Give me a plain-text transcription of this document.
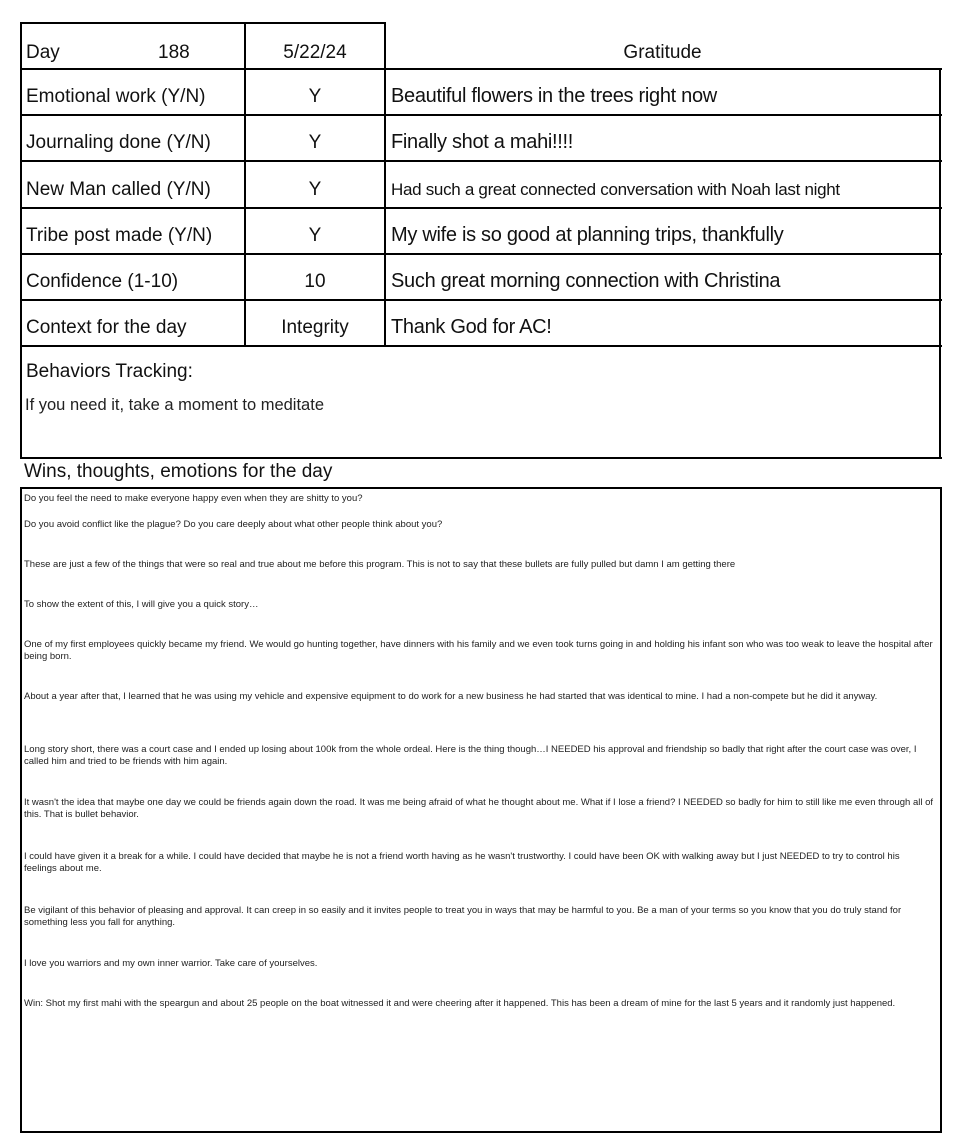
Day	188	5/22/24	Gratitude
Emotional work (Y/N)	Y	Beautiful flowers in the trees right now
Journaling done (Y/N)	Y	Finally shot a mahi!!!!
New Man called (Y/N)	Y	Had such a great connected conversation with Noah last night
Tribe post made (Y/N)	Y	My wife is so good at planning trips, thankfully
Confidence (1-10)	10	Such great morning connection with Christina
Context for the day	Integrity	Thank God for AC!
Behaviors Tracking:
If you need it, take a moment to meditate
Wins, thoughts, emotions for the day
Do you feel the need to make everyone happy even when they are shitty to you?
Do you avoid conflict like the plague? Do you care deeply about what other people think about you?
These are just a few of the things that were so real and true about me before this program. This is not to say that these bullets are fully pulled but damn I am getting there
To show the extent of this, I will give you a quick story…
One of my first employees quickly became my friend. We would go hunting together, have dinners with his family and we even took turns going in and holding his infant son who was too weak to leave the hospital after being born.
About a year after that, I learned that he was using my vehicle and expensive equipment to do work for a new business he had started that was identical to mine. I had a non-compete but he did it anyway.
Long story short, there was a court case and I ended up losing about 100k from the whole ordeal. Here is the thing though…I NEEDED his approval and friendship so badly that right after the court case was over, I called him and tried to be friends with him again.
It wasn't the idea that maybe one day we could be friends again down the road. It was me being afraid of what he thought about me. What if I lose a friend? I NEEDED so badly for him to still like me even through all of this. That is bullet behavior.
I could have given it a break for a while. I could have decided that maybe he is not a friend worth having as he wasn't trustworthy. I could have been OK with walking away but I just NEEDED to try to control his feelings about me.
Be vigilant of this behavior of pleasing and approval. It can creep in so easily and it invites people to treat you in ways that may be harmful to you. Be a man of your terms so you know that you do truly stand for something less you fall for anything.
I love you warriors and my own inner warrior. Take care of yourselves.
Win: Shot my first mahi with the speargun and about 25 people on the boat witnessed it and were cheering after it happened. This has been a dream of mine for the last 5 years and it randomly just happened.
